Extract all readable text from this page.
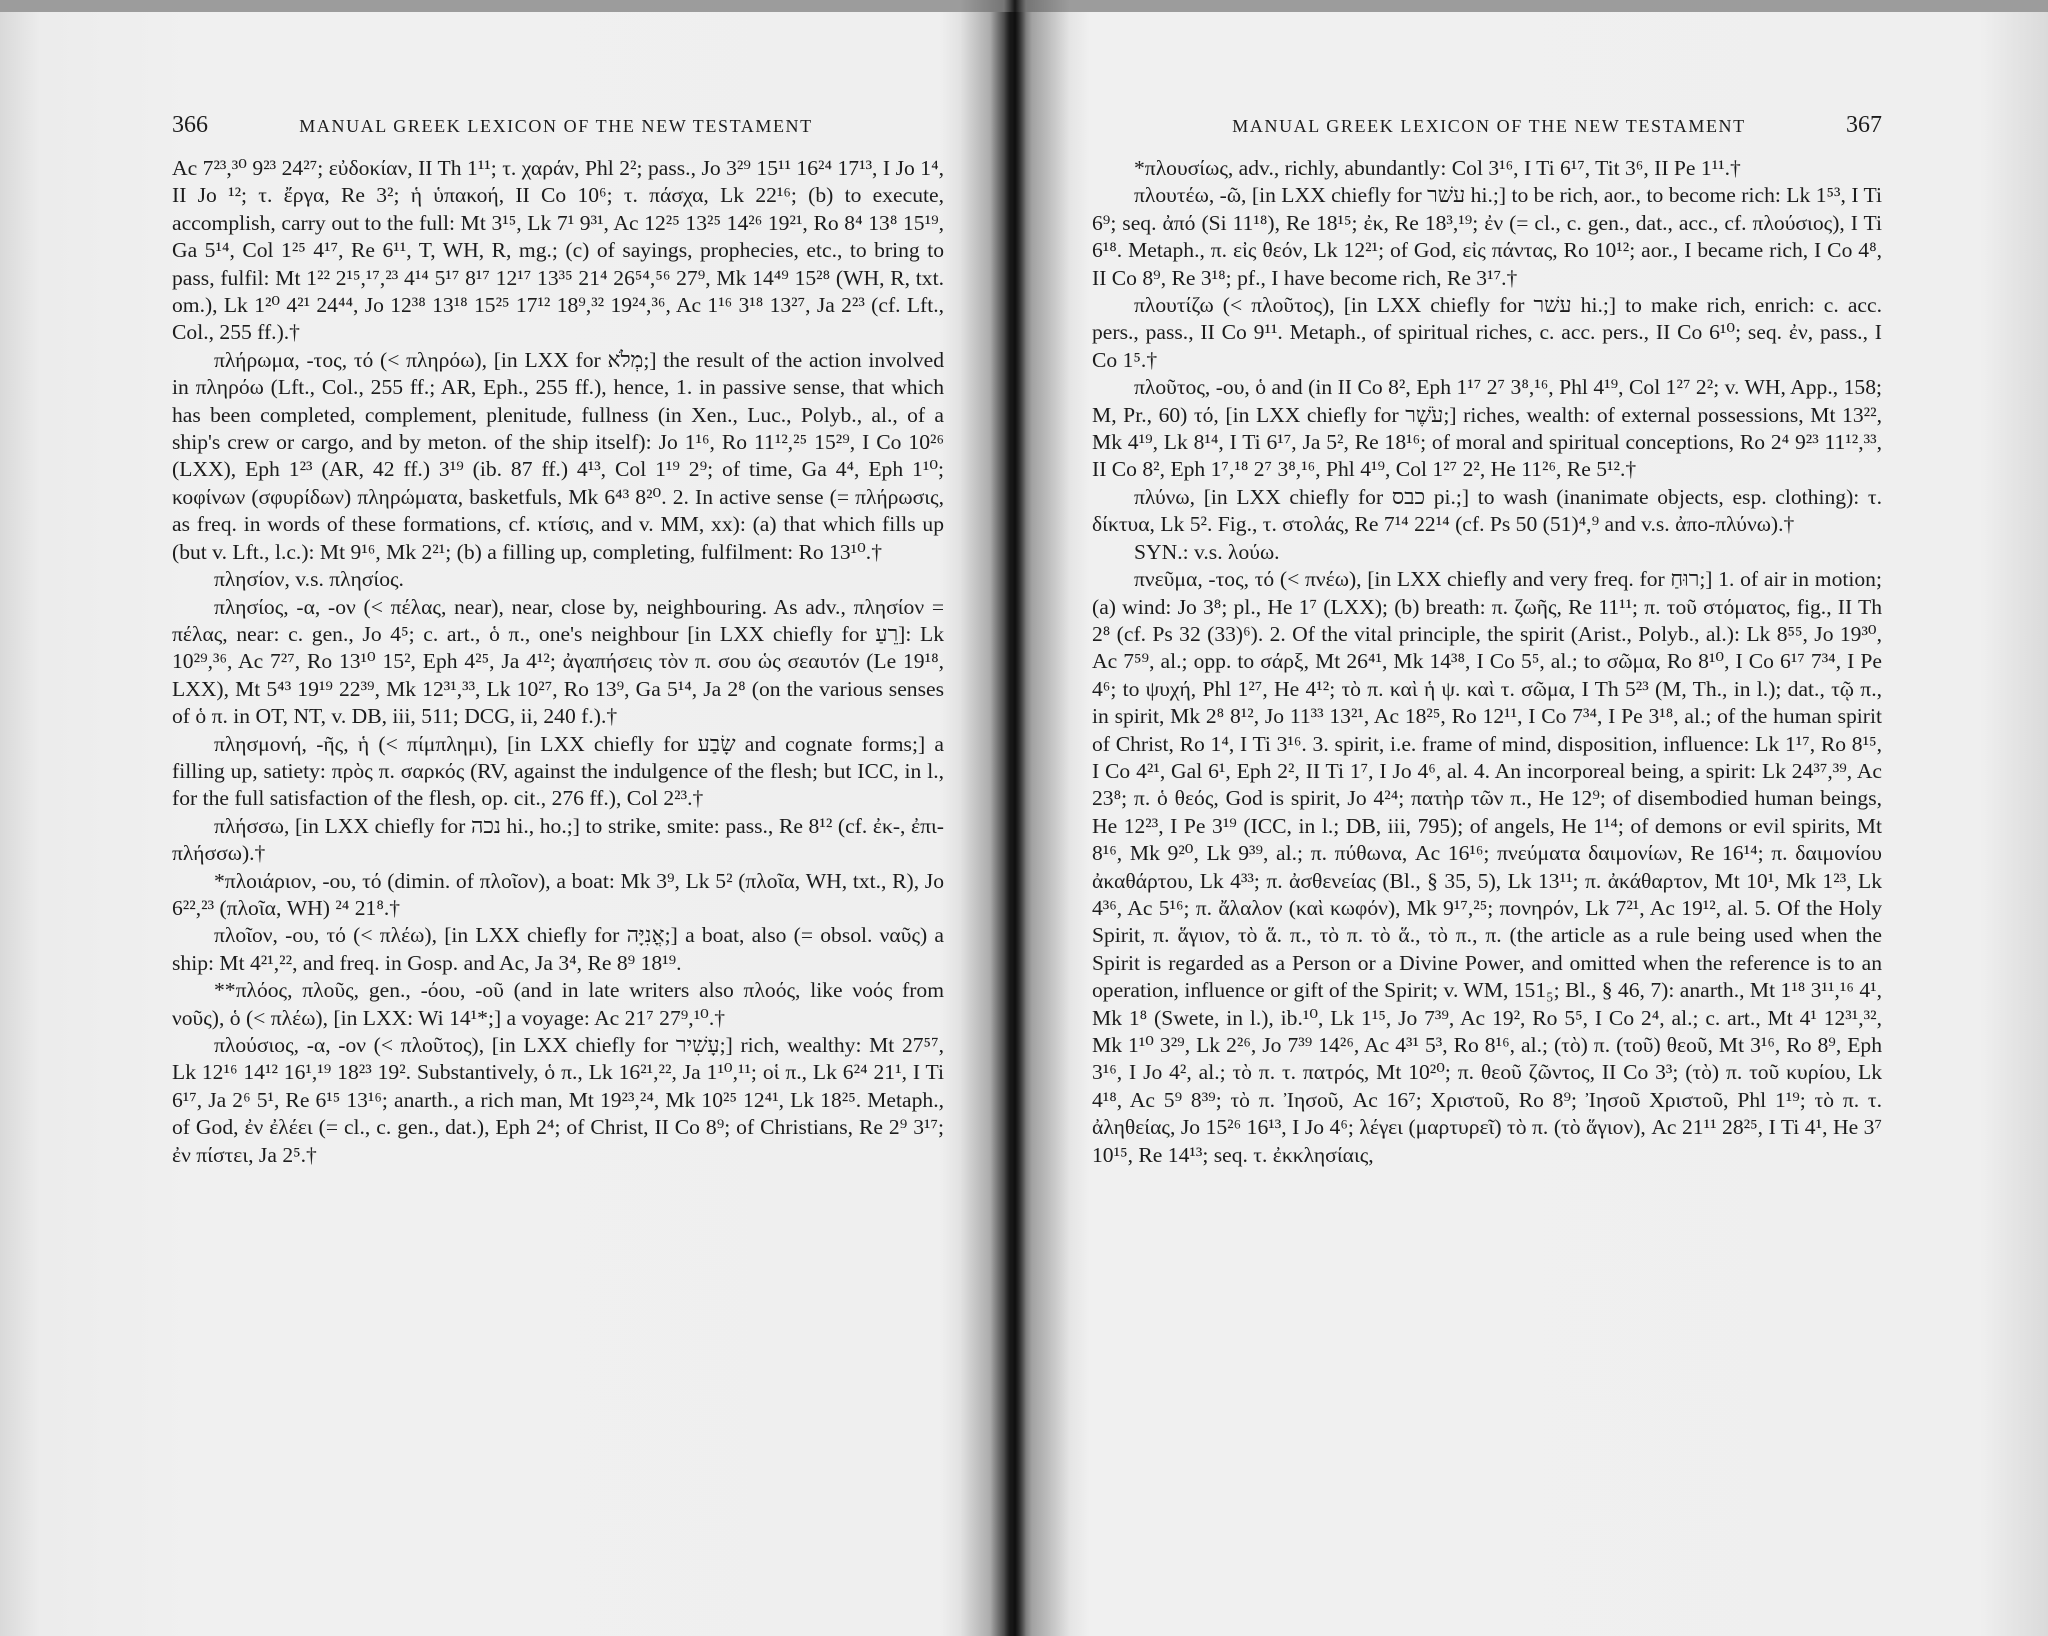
366	MANUAL GREEK LEXICON OF THE NEW TESTAMENT

Ac 7²³,³⁰ 9²³ 24²⁷; εὐδοκίαν, II Th 1¹¹; τ. χαράν, Phl 2²; pass., Jo 3²⁹ 15¹¹ 16²⁴ 17¹³, I Jo 1⁴, II Jo ¹²; τ. ἔργα, Re 3²; ἡ ὑπακοή, II Co 10⁶; τ. πάσχα, Lk 22¹⁶; (b) to execute, accomplish, carry out to the full: Mt 3¹⁵, Lk 7¹ 9³¹, Ac 12²⁵ 13²⁵ 14²⁶ 19²¹, Ro 8⁴ 13⁸ 15¹⁹, Ga 5¹⁴, Col 1²⁵ 4¹⁷, Re 6¹¹, T, WH, R, mg.; (c) of sayings, prophecies, etc., to bring to pass, fulfil: Mt 1²² 2¹⁵,¹⁷,²³ 4¹⁴ 5¹⁷ 8¹⁷ 12¹⁷ 13³⁵ 21⁴ 26⁵⁴,⁵⁶ 27⁹, Mk 14⁴⁹ 15²⁸ (WH, R, txt. om.), Lk 1²⁰ 4²¹ 24⁴⁴, Jo 12³⁸ 13¹⁸ 15²⁵ 17¹² 18⁹,³² 19²⁴,³⁶, Ac 1¹⁶ 3¹⁸ 13²⁷, Ja 2²³ (cf. Lft., Col., 255 ff.).†

πλήρωμα, -τος, τό (< πληρόω), [in LXX for מְלֹא;] the result of the action involved in πληρόω (Lft., Col., 255 ff.; AR, Eph., 255 ff.), hence, 1. in passive sense, that which has been completed, complement, plenitude, fullness (in Xen., Luc., Polyb., al., of a ship's crew or cargo, and by meton. of the ship itself): Jo 1¹⁶, Ro 11¹²,²⁵ 15²⁹, I Co 10²⁶ (LXX), Eph 1²³ (AR, 42 ff.) 3¹⁹ (ib. 87 ff.) 4¹³, Col 1¹⁹ 2⁹; of time, Ga 4⁴, Eph 1¹⁰; κοφίνων (σφυρίδων) πληρώματα, basketfuls, Mk 6⁴³ 8²⁰. 2. In active sense (= πλήρωσις, as freq. in words of these formations, cf. κτίσις, and v. MM, xx): (a) that which fills up (but v. Lft., l.c.): Mt 9¹⁶, Mk 2²¹; (b) a filling up, completing, fulfilment: Ro 13¹⁰.†

πλησίον, v.s. πλησίος.

πλησίος, -α, -ον (< πέλας, near), near, close by, neighbouring. As adv., πλησίον = πέλας, near: c. gen., Jo 4⁵; c. art., ὁ π., one's neighbour [in LXX chiefly for רֵעַ]: Lk 10²⁹,³⁶, Ac 7²⁷, Ro 13¹⁰ 15², Eph 4²⁵, Ja 4¹²; ἀγαπήσεις τὸν π. σου ὡς σεαυτόν (Le 19¹⁸, LXX), Mt 5⁴³ 19¹⁹ 22³⁹, Mk 12³¹,³³, Lk 10²⁷, Ro 13⁹, Ga 5¹⁴, Ja 2⁸ (on the various senses of ὁ π. in OT, NT, v. DB, iii, 511; DCG, ii, 240 f.).†

πλησμονή, -ῆς, ἡ (< πίμπλημι), [in LXX chiefly for שָׂבַע and cognate forms;] a filling up, satiety: πρὸς π. σαρκός (RV, against the indulgence of the flesh; but ICC, in l., for the full satisfaction of the flesh, op. cit., 276 ff.), Col 2²³.†

πλήσσω, [in LXX chiefly for נכה hi., ho.;] to strike, smite: pass., Re 8¹² (cf. ἐκ-, ἐπι-πλήσσω).†

*πλοιάριον, -ου, τό (dimin. of πλοῖον), a boat: Mk 3⁹, Lk 5² (πλοῖα, WH, txt., R), Jo 6²²,²³ (πλοῖα, WH) ²⁴ 21⁸.†

πλοῖον, -ου, τό (< πλέω), [in LXX chiefly for אֳנִיָּה;] a boat, also (= obsol. ναῦς) a ship: Mt 4²¹,²², and freq. in Gosp. and Ac, Ja 3⁴, Re 8⁹ 18¹⁹.

**πλόος, πλοῦς, gen., -όου, -οῦ (and in late writers also πλοός, like νοός from νοῦς), ὁ (< πλέω), [in LXX: Wi 14¹*;] a voyage: Ac 21⁷ 27⁹,¹⁰.†

πλούσιος, -α, -ον (< πλοῦτος), [in LXX chiefly for עָשִׁיר;] rich, wealthy: Mt 27⁵⁷, Lk 12¹⁶ 14¹² 16¹,¹⁹ 18²³ 19². Substantively, ὁ π., Lk 16²¹,²², Ja 1¹⁰,¹¹; οἱ π., Lk 6²⁴ 21¹, I Ti 6¹⁷, Ja 2⁶ 5¹, Re 6¹⁵ 13¹⁶; anarth., a rich man, Mt 19²³,²⁴, Mk 10²⁵ 12⁴¹, Lk 18²⁵. Metaph., of God, ἐν ἐλέει (= cl., c. gen., dat.), Eph 2⁴; of Christ, II Co 8⁹; of Christians, Re 2⁹ 3¹⁷; ἐν πίστει, Ja 2⁵.†

MANUAL GREEK LEXICON OF THE NEW TESTAMENT	367

*πλουσίως, adv., richly, abundantly: Col 3¹⁶, I Ti 6¹⁷, Tit 3⁶, II Pe 1¹¹.†

πλουτέω, -ῶ, [in LXX chiefly for עשׁר hi.;] to be rich, aor., to become rich: Lk 1⁵³, I Ti 6⁹; seq. ἀπό (Si 11¹⁸), Re 18¹⁵; ἐκ, Re 18³,¹⁹; ἐν (= cl., c. gen., dat., acc., cf. πλούσιος), I Ti 6¹⁸. Metaph., π. εἰς θεόν, Lk 12²¹; of God, εἰς πάντας, Ro 10¹²; aor., I became rich, I Co 4⁸, II Co 8⁹, Re 3¹⁸; pf., I have become rich, Re 3¹⁷.†

πλουτίζω (< πλοῦτος), [in LXX chiefly for עשׁר hi.;] to make rich, enrich: c. acc. pers., pass., II Co 9¹¹. Metaph., of spiritual riches, c. acc. pers., II Co 6¹⁰; seq. ἐν, pass., I Co 1⁵.†

πλοῦτος, -ου, ὁ and (in II Co 8², Eph 1¹⁷ 2⁷ 3⁸,¹⁶, Phl 4¹⁹, Col 1²⁷ 2²; v. WH, App., 158; M, Pr., 60) τό, [in LXX chiefly for עֹשֶׁר;] riches, wealth: of external possessions, Mt 13²², Mk 4¹⁹, Lk 8¹⁴, I Ti 6¹⁷, Ja 5², Re 18¹⁶; of moral and spiritual conceptions, Ro 2⁴ 9²³ 11¹²,³³, II Co 8², Eph 1⁷,¹⁸ 2⁷ 3⁸,¹⁶, Phl 4¹⁹, Col 1²⁷ 2², He 11²⁶, Re 5¹².†

πλύνω, [in LXX chiefly for כבס pi.;] to wash (inanimate objects, esp. clothing): τ. δίκτυα, Lk 5². Fig., τ. στολάς, Re 7¹⁴ 22¹⁴ (cf. Ps 50 (51)⁴,⁹ and v.s. ἀπο-πλύνω).†

SYN.: v.s. λούω.

πνεῦμα, -τος, τό (< πνέω), [in LXX chiefly and very freq. for רוּחַ;] 1. of air in motion; (a) wind: Jo 3⁸; pl., He 1⁷ (LXX); (b) breath: π. ζωῆς, Re 11¹¹; π. τοῦ στόματος, fig., II Th 2⁸ (cf. Ps 32 (33)⁶). 2. Of the vital principle, the spirit (Arist., Polyb., al.): Lk 8⁵⁵, Jo 19³⁰, Ac 7⁵⁹, al.; opp. to σάρξ, Mt 26⁴¹, Mk 14³⁸, I Co 5⁵, al.; to σῶμα, Ro 8¹⁰, I Co 6¹⁷ 7³⁴, I Pe 4⁶; to ψυχή, Phl 1²⁷, He 4¹²; τὸ π. καὶ ἡ ψ. καὶ τ. σῶμα, I Th 5²³ (M, Th., in l.); dat., τῷ π., in spirit, Mk 2⁸ 8¹², Jo 11³³ 13²¹, Ac 18²⁵, Ro 12¹¹, I Co 7³⁴, I Pe 3¹⁸, al.; of the human spirit of Christ, Ro 1⁴, I Ti 3¹⁶. 3. spirit, i.e. frame of mind, disposition, influence: Lk 1¹⁷, Ro 8¹⁵, I Co 4²¹, Gal 6¹, Eph 2², II Ti 1⁷, I Jo 4⁶, al. 4. An incorporeal being, a spirit: Lk 24³⁷,³⁹, Ac 23⁸; π. ὁ θεός, God is spirit, Jo 4²⁴; πατὴρ τῶν π., He 12⁹; of disembodied human beings, He 12²³, I Pe 3¹⁹ (ICC, in l.; DB, iii, 795); of angels, He 1¹⁴; of demons or evil spirits, Mt 8¹⁶, Mk 9²⁰, Lk 9³⁹, al.; π. πύθωνα, Ac 16¹⁶; πνεύματα δαιμονίων, Re 16¹⁴; π. δαιμονίου ἀκαθάρτου, Lk 4³³; π. ἀσθενείας (Bl., § 35, 5), Lk 13¹¹; π. ἀκάθαρτον, Mt 10¹, Mk 1²³, Lk 4³⁶, Ac 5¹⁶; π. ἄλαλον (καὶ κωφόν), Mk 9¹⁷,²⁵; πονηρόν, Lk 7²¹, Ac 19¹², al. 5. Of the Holy Spirit, π. ἅγιον, τὸ ἅ. π., τὸ π. τὸ ἅ., τὸ π., π. (the article as a rule being used when the Spirit is regarded as a Person or a Divine Power, and omitted when the reference is to an operation, influence or gift of the Spirit; v. WM, 151₅; Bl., § 46, 7): anarth., Mt 1¹⁸ 3¹¹,¹⁶ 4¹, Mk 1⁸ (Swete, in l.), ib.¹⁰, Lk 1¹⁵, Jo 7³⁹, Ac 19², Ro 5⁵, I Co 2⁴, al.; c. art., Mt 4¹ 12³¹,³², Mk 1¹⁰ 3²⁹, Lk 2²⁶, Jo 7³⁹ 14²⁶, Ac 4³¹ 5³, Ro 8¹⁶, al.; (τὸ) π. (τοῦ) θεοῦ, Mt 3¹⁶, Ro 8⁹, Eph 3¹⁶, I Jo 4², al.; τὸ π. τ. πατρός, Mt 10²⁰; π. θεοῦ ζῶντος, II Co 3³; (τὸ) π. τοῦ κυρίου, Lk 4¹⁸, Ac 5⁹ 8³⁹; τὸ π. Ἰησοῦ, Ac 16⁷; Χριστοῦ, Ro 8⁹; Ἰησοῦ Χριστοῦ, Phl 1¹⁹; τὸ π. τ. ἀληθείας, Jo 15²⁶ 16¹³, I Jo 4⁶; λέγει (μαρτυρεῖ) τὸ π. (τὸ ἅγιον), Ac 21¹¹ 28²⁵, I Ti 4¹, He 3⁷ 10¹⁵, Re 14¹³; seq. τ. ἐκκλησίαις,
